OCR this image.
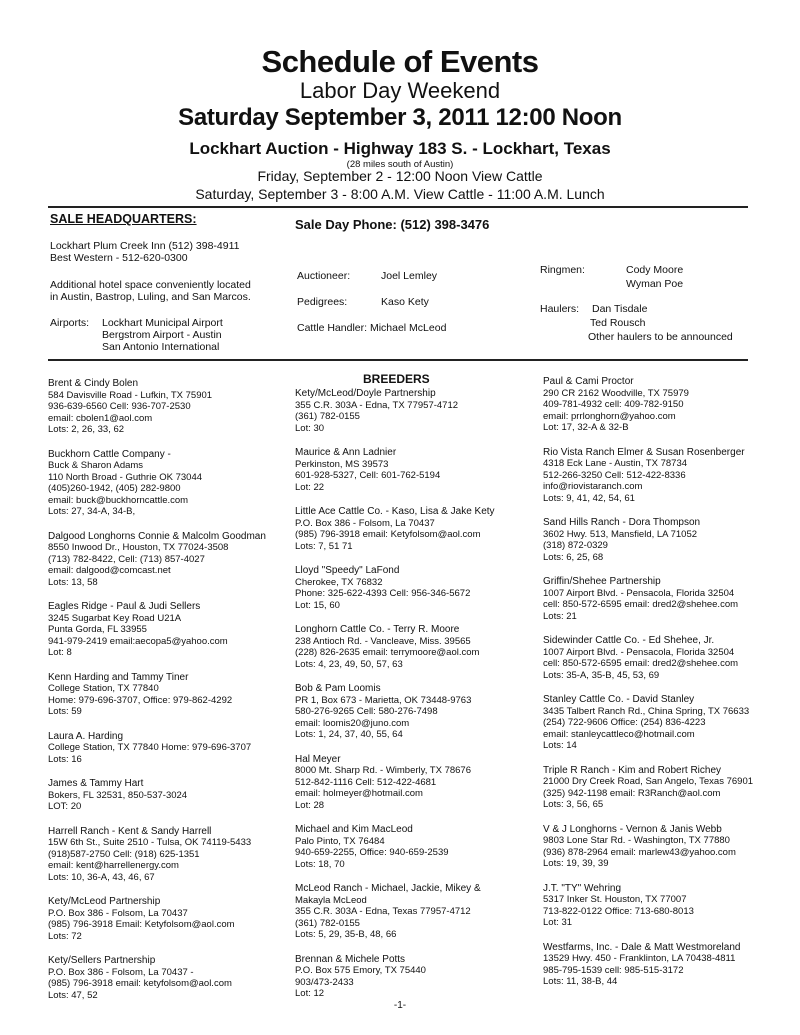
Schedule of Events
Labor Day Weekend
Saturday September 3, 2011 12:00 Noon
Lockhart Auction - Highway 183 S. - Lockhart, Texas
(28 miles south of Austin)
Friday, September 2 - 12:00 Noon View Cattle
Saturday, September 3 - 8:00 A.M. View Cattle - 11:00 A.M. Lunch
SALE HEADQUARTERS:	Sale Day Phone: (512) 398-3476
Lockhart Plum Creek Inn (512) 398-4911
Best Western - 512-620-0300
Additional hotel space conveniently located
in Austin, Bastrop, Luling, and San Marcos.
Airports: Lockhart Municipal Airport
Bergstrom Airport - Austin
San Antonio International
Auctioneer:	Joel Lemley
Pedigrees:	Kaso Kety
Cattle Handler: Michael McLeod
Ringmen:	Cody Moore
Wyman Poe
Haulers: Dan Tisdale
Ted Rousch
Other haulers to be announced
BREEDERS
Brent & Cindy Bolen
584 Davisville Road - Lufkin, TX 75901
936-639-6560 Cell: 936-707-2530
email: cbolen1@aol.com
Lots: 2, 26, 33, 62
Buckhorn Cattle Company -
Buck & Sharon Adams
110 North Broad - Guthrie OK 73044
(405)260-1942, (405) 282-9800
email: buck@buckhorncattle.com
Lots: 27, 34-A, 34-B,
Dalgood Longhorns Connie & Malcolm Goodman
8550 Inwood Dr., Houston, TX 77024-3508
(713) 782-8422, Cell: (713) 857-4027
email: dalgood@comcast.net
Lots: 13, 58
Eagles Ridge - Paul & Judi Sellers
3245 Sugarbat Key Road U21A
Punta Gorda, FL 33955
941-979-2419 email:aecopa5@yahoo.com
Lot: 8
Kenn Harding and Tammy Tiner
College Station, TX 77840
Home: 979-696-3707, Office: 979-862-4292
Lots: 59
Laura A. Harding
College Station, TX 77840 Home: 979-696-3707
Lots: 16
James & Tammy Hart
Bokers, FL 32531, 850-537-3024
LOT: 20
Harrell Ranch - Kent & Sandy Harrell
15W 6th St., Suite 2510 - Tulsa, OK 74119-5433
(918)587-2750 Cell: (918) 625-1351
email: kent@harrellenergy.com
Lots: 10, 36-A, 43, 46, 67
Kety/McLeod Partnership
P.O. Box 386 - Folsom, La 70437
(985) 796-3918 Email: Ketyfolsom@aol.com
Lots: 72
Kety/Sellers Partnership
P.O. Box 386 - Folsom, La 70437 -
(985) 796-3918 email: ketyfolsom@aol.com
Lots: 47, 52
Kety/McLeod/Doyle Partnership
355 C.R. 303A - Edna, TX 77957-4712
(361) 782-0155
Lot: 30
Maurice & Ann Ladnier
Perkinston, MS 39573
601-928-5327, Cell: 601-762-5194
Lot: 22
Little Ace Cattle Co. - Kaso, Lisa & Jake Kety
P.O. Box 386 - Folsom, La 70437
(985) 796-3918 email: Ketyfolsom@aol.com
Lots: 7, 51 71
Lloyd "Speedy" LaFond
Cherokee, TX 76832
Phone: 325-622-4393 Cell: 956-346-5672
Lot: 15, 60
Longhorn Cattle Co. - Terry R. Moore
238 Antioch Rd. - Vancleave, Miss. 39565
(228) 826-2635 email: terrymoore@aol.com
Lots: 4, 23, 49, 50, 57, 63
Bob & Pam Loomis
PR 1, Box 673 - Marietta, OK 73448-9763
580-276-9265 Cell: 580-276-7498
email: loomis20@juno.com
Lots: 1, 24, 37, 40, 55, 64
Hal Meyer
8000 Mt. Sharp Rd. - Wimberly, TX 78676
512-842-1116 Cell: 512-422-4681
email: holmeyer@hotmail.com
Lot: 28
Michael and Kim MacLeod
Palo Pinto, TX 76484
940-659-2255, Office: 940-659-2539
Lots: 18, 70
McLeod Ranch - Michael, Jackie, Mikey &
Makayla McLeod
355 C.R. 303A - Edna, Texas 77957-4712
(361) 782-0155
Lots: 5, 29, 35-B, 48, 66
Brennan & Michele Potts
P.O. Box 575 Emory, TX 75440
903/473-2433
Lot: 12
Paul & Cami Proctor
290 CR 2162 Woodville, TX 75979
409-781-4932 cell: 409-782-9150
email: prrlonghorn@yahoo.com
Lot: 17, 32-A & 32-B
Rio Vista Ranch Elmer & Susan Rosenberger
4318 Eck Lane - Austin, TX 78734
512-266-3250 Cell: 512-422-8336
info@riovistaranch.com
Lots: 9, 41, 42, 54, 61
Sand Hills Ranch - Dora Thompson
3602 Hwy. 513, Mansfield, LA 71052
(318) 872-0329
Lots: 6, 25, 68
Griffin/Shehee Partnership
1007 Airport Blvd. - Pensacola, Florida 32504
cell: 850-572-6595 email: dred2@shehee.com
Lots: 21
Sidewinder Cattle Co. - Ed Shehee, Jr.
1007 Airport Blvd. - Pensacola, Florida 32504
cell: 850-572-6595 email: dred2@shehee.com
Lots: 35-A, 35-B, 45, 53, 69
Stanley Cattle Co. - David Stanley
3435 Talbert Ranch Rd., China Spring, TX 76633
(254) 722-9606 Office: (254) 836-4223
email: stanleycattleco@hotmail.com
Lots: 14
Triple R Ranch - Kim and Robert Richey
21000 Dry Creek Road, San Angelo, Texas 76901
(325) 942-1198 email: R3Ranch@aol.com
Lots: 3, 56, 65
V & J Longhorns - Vernon & Janis Webb
9803 Lone Star Rd. - Washington, TX 77880
(936) 878-2964 email: marlew43@yahoo.com
Lots: 19, 39, 39
J.T. "TY" Wehring
5317 Inker St. Houston, TX 77007
713-822-0122 Office: 713-680-8013
Lot: 31
Westfarms, Inc. - Dale & Matt Westmoreland
13529 Hwy. 450 - Franklinton, LA 70438-4811
985-795-1539 cell: 985-515-3172
Lots: 11, 38-B, 44
-1-
